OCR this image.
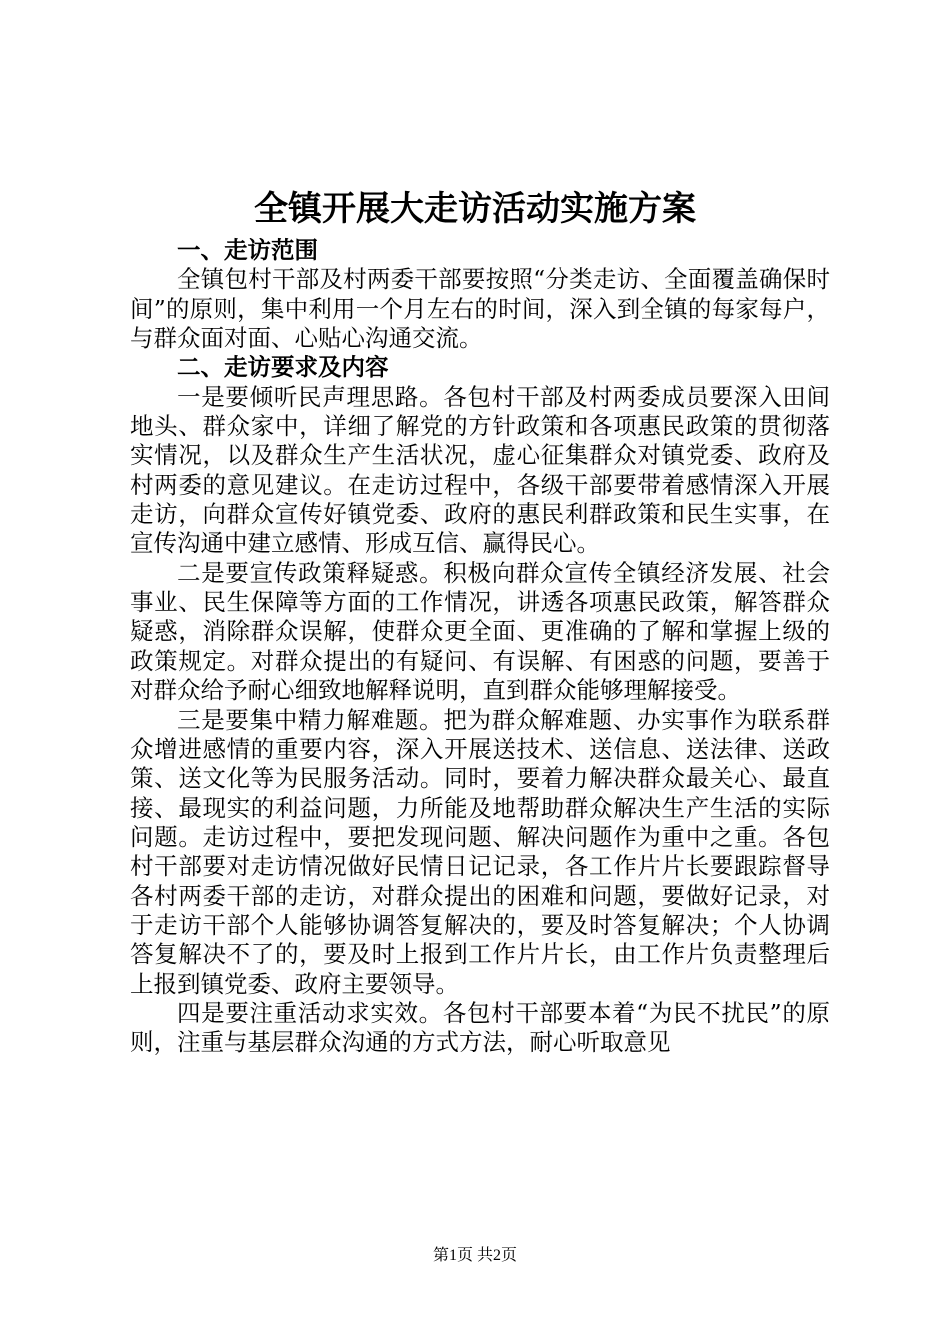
全镇开展大走访活动实施方案

一、走访范围

全镇包村干部及村两委干部要按照“分类走访、全面覆盖确保时间”的原则，集中利用一个月左右的时间，深入到全镇的每家每户，与群众面对面、心贴心沟通交流。

二、走访要求及内容

一是要倾听民声理思路。各包村干部及村两委成员要深入田间地头、群众家中，详细了解党的方针政策和各项惠民政策的贯彻落实情况，以及群众生产生活状况，虚心征集群众对镇党委、政府及村两委的意见建议。在走访过程中，各级干部要带着感情深入开展走访，向群众宣传好镇党委、政府的惠民利群政策和民生实事，在宣传沟通中建立感情、形成互信、赢得民心。

二是要宣传政策释疑惑。积极向群众宣传全镇经济发展、社会事业、民生保障等方面的工作情况，讲透各项惠民政策，解答群众疑惑，消除群众误解，使群众更全面、更准确的了解和掌握上级的政策规定。对群众提出的有疑问、有误解、有困惑的问题，要善于对群众给予耐心细致地解释说明，直到群众能够理解接受。

三是要集中精力解难题。把为群众解难题、办实事作为联系群众增进感情的重要内容，深入开展送技术、送信息、送法律、送政策、送文化等为民服务活动。同时，要着力解决群众最关心、最直接、最现实的利益问题，力所能及地帮助群众解决生产生活的实际问题。走访过程中，要把发现问题、解决问题作为重中之重。各包村干部要对走访情况做好民情日记记录，各工作片片长要跟踪督导各村两委干部的走访，对群众提出的困难和问题，要做好记录，对于走访干部个人能够协调答复解决的，要及时答复解决；个人协调答复解决不了的，要及时上报到工作片片长，由工作片负责整理后上报到镇党委、政府主要领导。

四是要注重活动求实效。各包村干部要本着“为民不扰民”的原则，注重与基层群众沟通的方式方法，耐心听取意见

第1页 共2页
